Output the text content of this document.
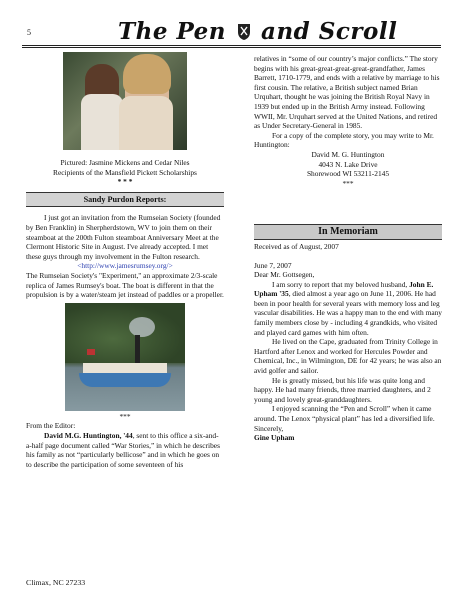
5	The Pen and Scroll
Pictured: Jasmine Mickens and Cedar Niles
Recipients of the Mansfield Pickett Scholarships
* * *
Sandy Purdon Reports:

I just got an invitation from the Rumseian Society (founded by Ben Franklin) in Sherpherdstown, WV to join them on their steamboat at the 200th Fulton steamboat Anniversary Meet at the Clermont Historic Site in August. I've already accepted. I met these guys through my involvement in the Fulton research.

<http://www.jamesrumsey.org/>

The Rumseian Society's "Experiment," an approximate 2/3-scale replica of James Rumsey's boat. The boat is different in that the propulsion is by a water/steam jet instead of paddles or a propeller.

***

From the Editor:

David M.G. Huntington, '44, sent to this office a six-and-a-half page document called “War Stories,” in which he describes his family as not “particularly bellicose” and in which he goes on to describe the participation of some seventeen of his

relatives in “some of our country’s major conflicts.” The story begins with his great-great-great-great-grandfather, James Barrett, 1710-1779, and ends with a relative by marriage to his first cousin. The relative, a British subject named Brian Urquhart, thought he was joining the British Royal Navy in 1939 but ended up in the British Army instead. Following WWII, Mr. Urquhart served at the United Nations, and retired as Under Secretary-General in 1985.

For a copy of the complete story, you may write to Mr. Huntington:

David M. G. Huntington

4043 N. Lake Drive

Shorewood WI 53211-2145

***

In Memoriam

Received as of August, 2007

June 7, 2007

Dear Mr. Gottsegen,

I am sorry to report that my beloved husband, John E. Upham '35, died almost a year ago on June 11, 2006. He had been in poor health for several years with memory loss and leg vascular disabilities. He was a happy man to the end with many family members close by - including 4 grandkids, who visited and played card games with him often.

He lived on the Cape, graduated from Trinity College in Hartford after Lenox and worked for Hercules Powder and Chemical, Inc., in Wilmington, DE for 42 years; he was also an avid golfer and sailor.

He is greatly missed, but his life was quite long and happy. He had many friends, three married daughters, and 2 young and lovely great-granddaughters.

I enjoyed scanning the “Pen and Scroll” when it came around. The Lenox “physical plant” has led a diversified life.

Sincerely,

Gine Upham

Climax, NC 27233
